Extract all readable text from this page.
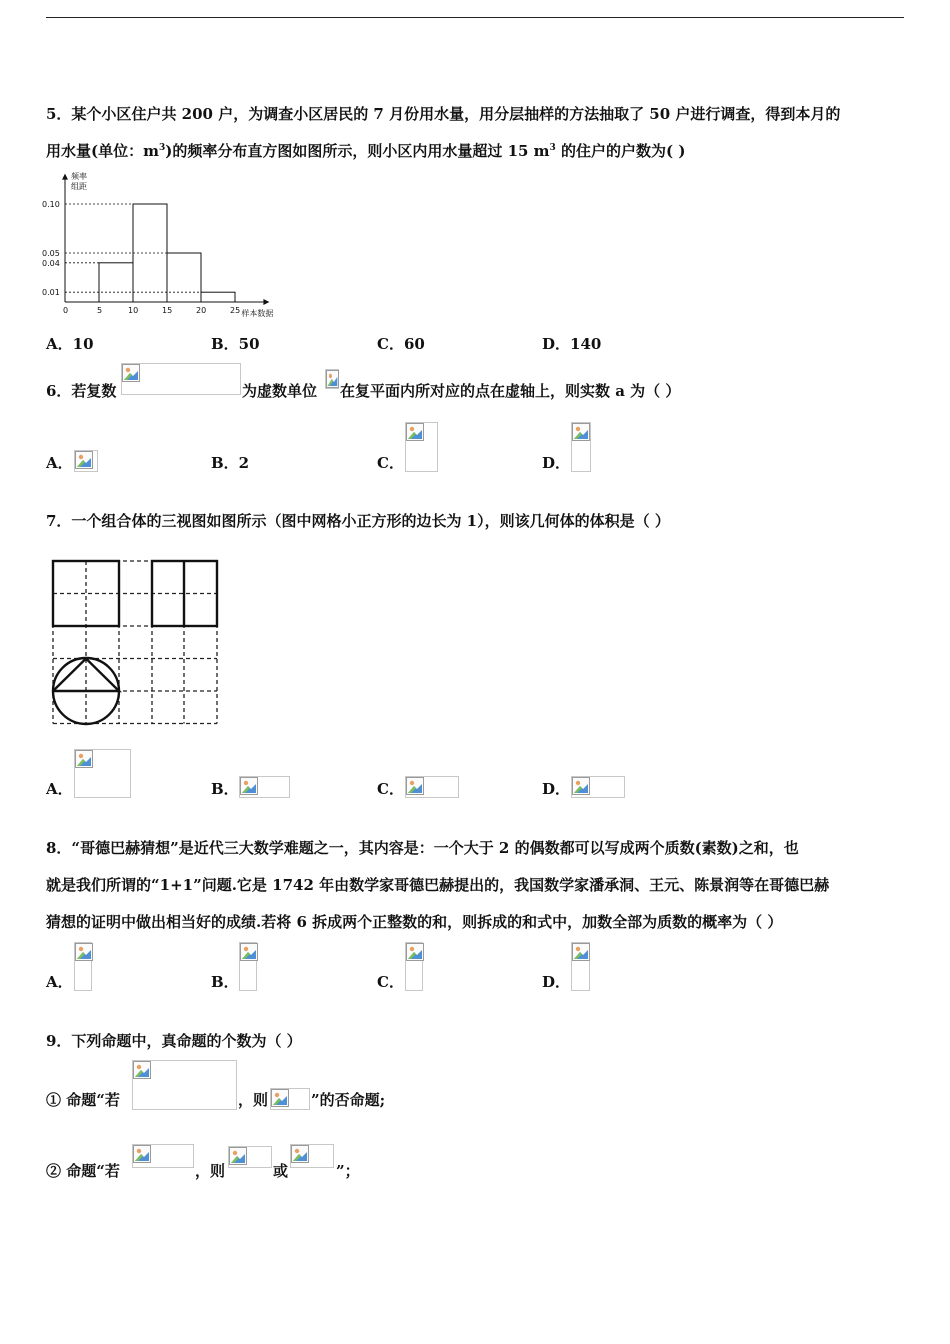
5．某个小区住户共 200 户，为调查小区居民的 7 月份用水量，用分层抽样的方法抽取了 50 户进行调查，得到本月的
用水量(单位：$m^3$)的频率分布直方图如图所示，则小区内用水量超过 15 $m^3$ 的住户的户数为( )
0.10
0.05
0.04
0.01
0	5	10	15	20	25
频率
组距
样本数据
A．10	B．50	C．60	D．140
6．若复数	为虚数单位 在复平面内所对应的点在虚轴上，则实数 a 为（ ）
A．	B．2	C．	D．
7．一个组合体的三视图如图所示（图中网格小正方形的边长为 1），则该几何体的体积是（ ）
A．	B．	C．	D．
8．“哥德巴赫猜想”是近代三大数学难题之一，其内容是：一个大于 2 的偶数都可以写成两个质数(素数)之和，也
就是我们所谓的“1+1”问题.它是 1742 年由数学家哥德巴赫提出的，我国数学家潘承洞、王元、陈景润等在哥德巴赫
猜想的证明中做出相当好的成绩.若将 6 拆成两个正整数的和，则拆成的和式中，加数全部为质数的概率为（ ）
A．	B．	C．	D．
9．下列命题中，真命题的个数为（ ）
① 命题“若	，则	”的否命题;
② 命题“若	，则	或	”；
